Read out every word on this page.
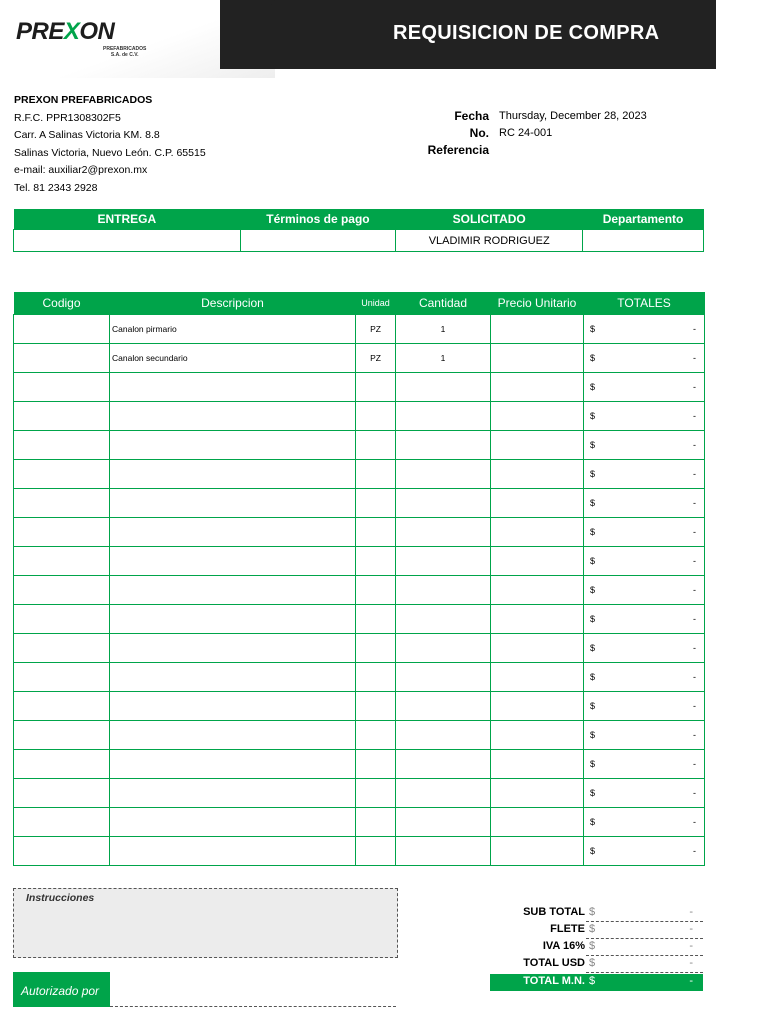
PREXON
PREFABRICADOS
S.A. de C.V.
REQUISICION DE COMPRA
PREXON PREFABRICADOS
R.F.C. PPR1308302F5
Carr. A Salinas Victoria KM. 8.8
Salinas Victoria, Nuevo León. C.P. 65515
e-mail: auxiliar2@prexon.mx
Tel. 81 2343 2928
Fecha Thursday, December 28, 2023
No. RC 24-001
Referencia
ENTREGA	Términos de pago	SOLICITADO	Departamento
		VLADIMIR RODRIGUEZ	
Codigo	Descripcion	Unidad	Cantidad	Precio Unitario	TOTALES
	Canalon pirmario	PZ	1		$ -

	Canalon secundario	PZ	1		$ -

					$ -

					$ -

					$ -

					$ -

					$ -

					$ -

					$ -

					$ -

					$ -

					$ -

					$ -

					$ -

					$ -

					$ -

					$ -

					$ -

					$ -
Instrucciones
Autorizado por
SUB TOTAL $	-
FLETE $	-
IVA 16% $	-
TOTAL USD $	-
TOTAL M.N. $	-
